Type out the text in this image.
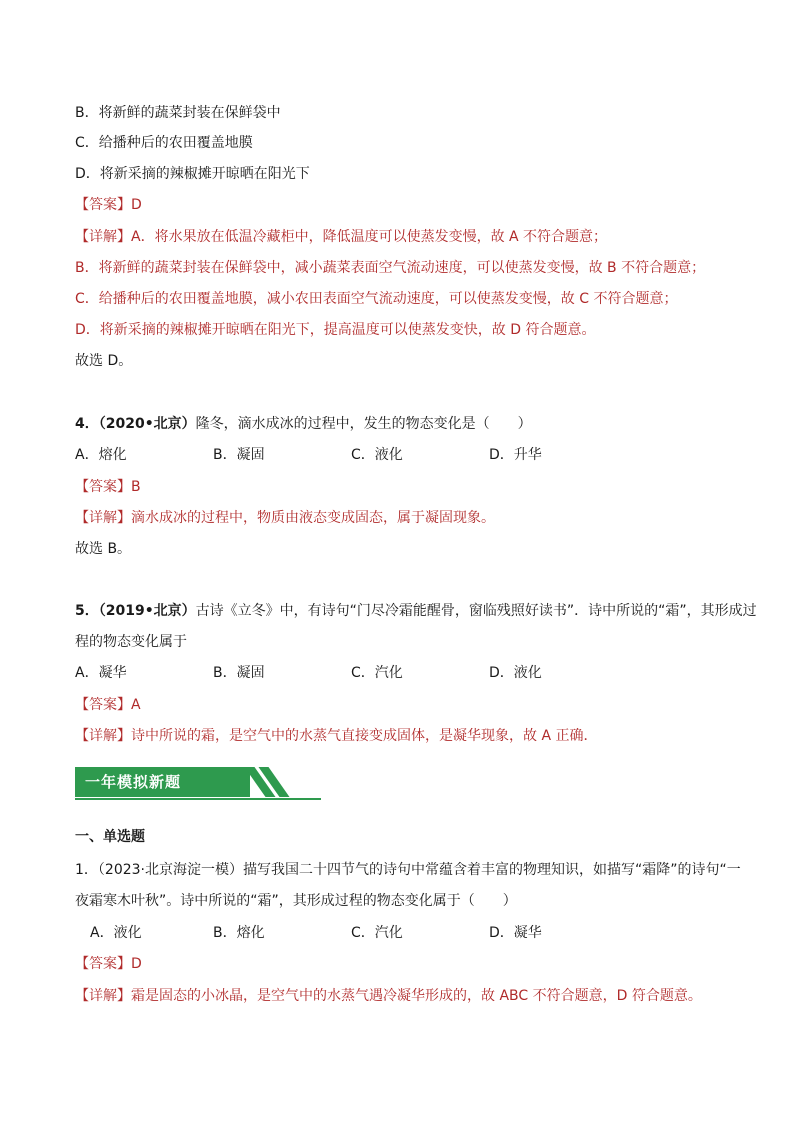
B．将新鲜的蔬菜封装在保鲜袋中
C．给播种后的农田覆盖地膜
D．将新采摘的辣椒摊开晾晒在阳光下
【答案】D
【详解】A．将水果放在低温冷藏柜中，降低温度可以使蒸发变慢，故 A 不符合题意；
B．将新鲜的蔬菜封装在保鲜袋中，减小蔬菜表面空气流动速度，可以使蒸发变慢，故 B 不符合题意；
C．给播种后的农田覆盖地膜，减小农田表面空气流动速度，可以使蒸发变慢，故 C 不符合题意；
D．将新采摘的辣椒摊开晾晒在阳光下，提高温度可以使蒸发变快，故 D 符合题意。
故选 D。
4．（2020•北京）隆冬，滴水成冰的过程中，发生的物态变化是（　　）
A．熔化	B．凝固	C．液化	D．升华
【答案】B
【详解】滴水成冰的过程中，物质由液态变成固态，属于凝固现象。
故选 B。
5．（2019•北京）古诗《立冬》中，有诗句“门尽冷霜能醒骨，窗临残照好读书”．诗中所说的“霜”，其形成过
程的物态变化属于
A．凝华	B．凝固	C．汽化	D．液化
【答案】A
【详解】诗中所说的霜，是空气中的水蒸气直接变成固体，是凝华现象，故 A 正确．
一年模拟新题
一、单选题
1．（2023·北京海淀一模）描写我国二十四节气的诗句中常蕴含着丰富的物理知识，如描写“霜降”的诗句“一
夜霜寒木叶秋”。诗中所说的“霜”，其形成过程的物态变化属于（　　）
A．液化	B．熔化	C．汽化	D．凝华
【答案】D
【详解】霜是固态的小冰晶，是空气中的水蒸气遇冷凝华形成的，故 ABC 不符合题意，D 符合题意。
